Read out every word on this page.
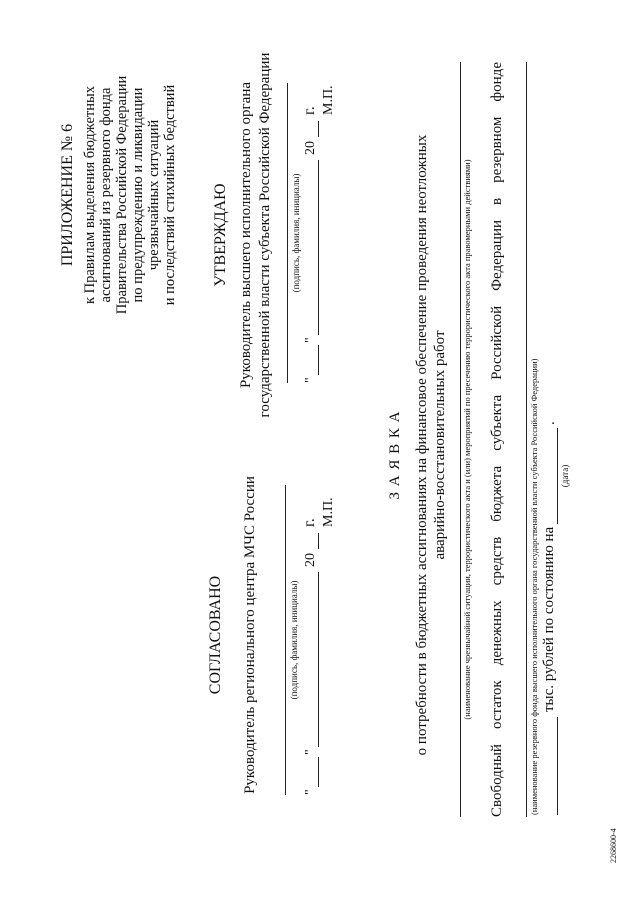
ПРИЛОЖЕНИЕ № 6 к Правилам выделения бюджетных ассигнований из резервного фонда Правительства Российской Федерации по предупреждению и ликвидации чрезвычайных ситуаций и последствий стихийных бедствий
СОГЛАСОВАНО Руководитель регионального центра МЧС России	(подпись, фамилия, инициалы)
"
"
20
г. М.П.
УТВЕРЖДАЮ Руководитель высшего исполнительного органа государственной власти субъекта Российской Федерации (подпись, фамилия, инициалы)
"
"
20
г. М.П.
З А Я В К А о потребности в бюджетных ассигнованиях на финансовое обеспечение проведения неотложных аварийно-восстановительных работ (наименование чрезвычайной ситуации, террористического акта и (или) мероприятий по пресечению террористического акта правомерными действиями)
Свободный
остаток
денежных
средств
бюджета
субъекта
Российской
Федерации
в
резервном
фонде
(наименование резервного фонда высшего исполнительного органа государственной власти субъекта Российской Федерации) тыс. рублей по состоянию на
.
(дата)
2268600-4
